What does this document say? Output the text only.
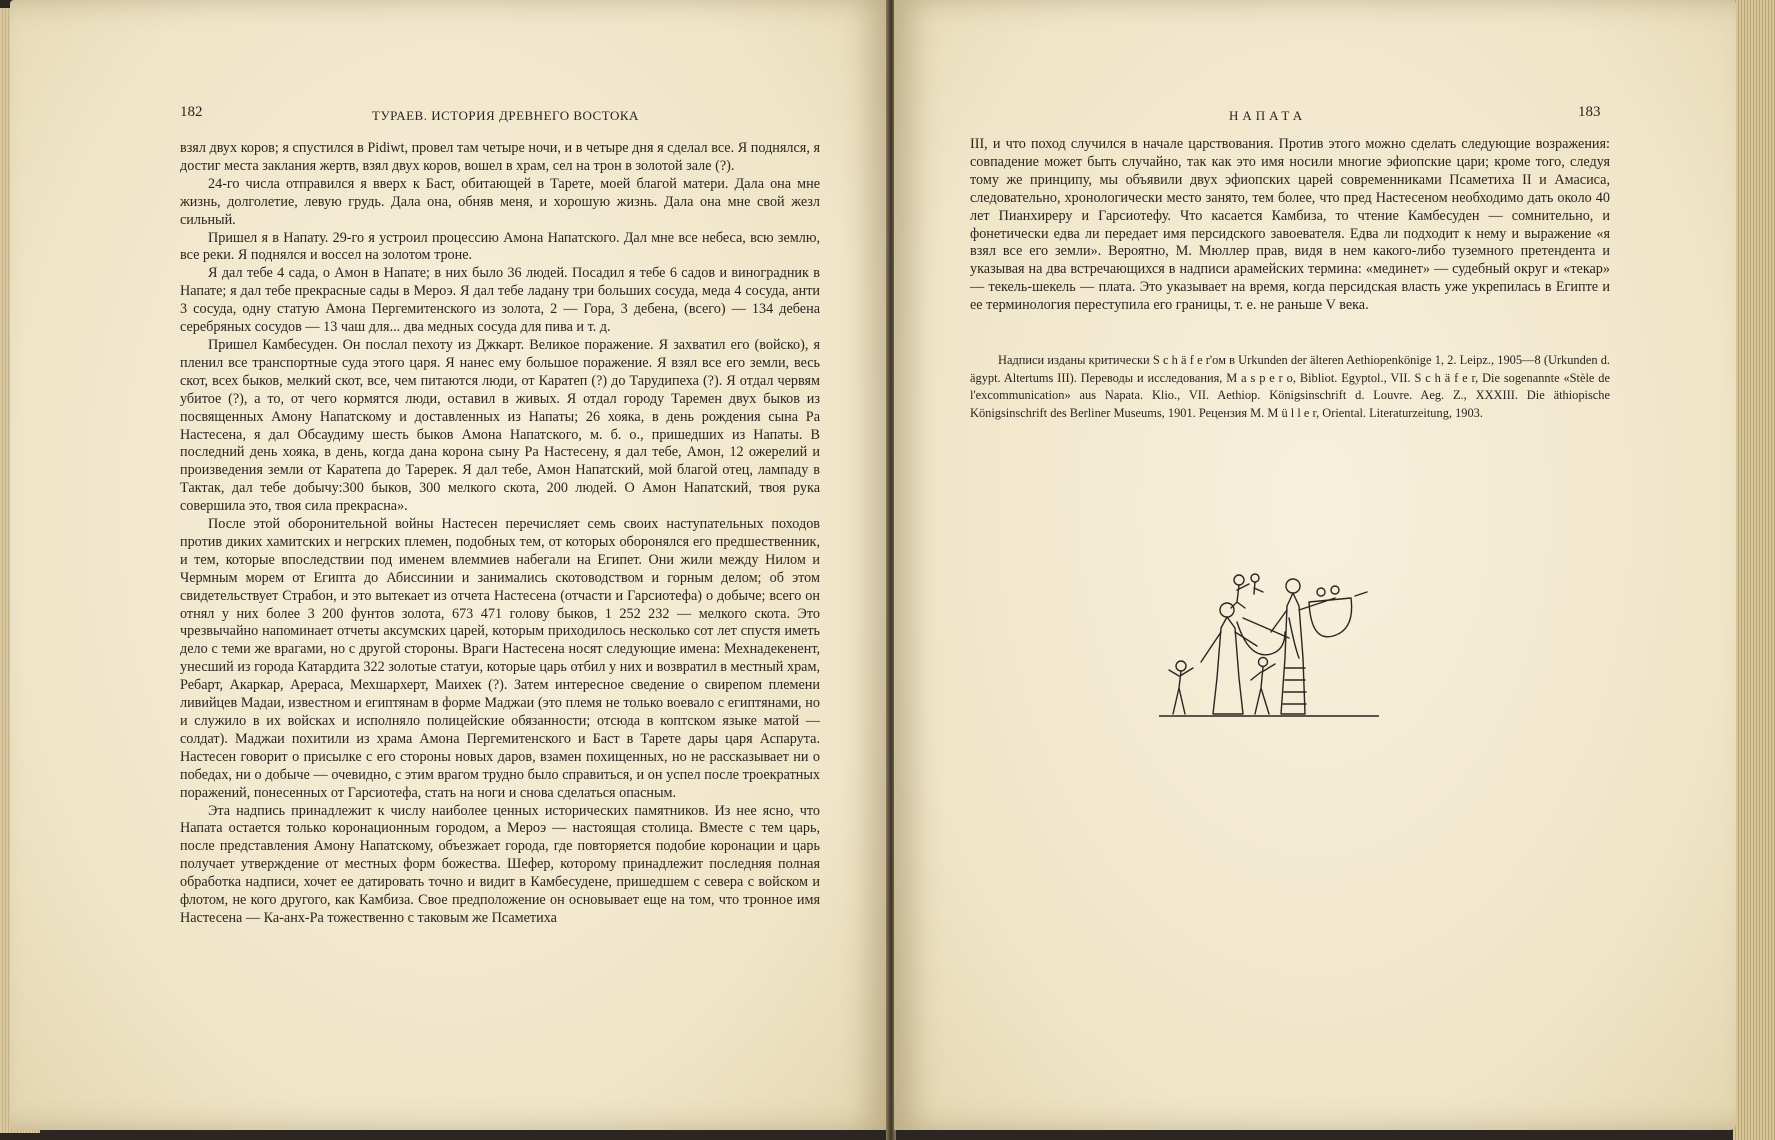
182	ТУРАЕВ. ИСТОРИЯ ДРЕВНЕГО ВОСТОКА

взял двух коров; я спустился в Pidiwt, провел там четыре ночи, и в четыре дня я сделал все. Я поднялся, я достиг места заклания жертв, взял двух коров, вошел в храм, сел на трон в золотой зале (?).

24-го числа отправился я вверх к Баст, обитающей в Тарете, моей благой матери. Дала она мне жизнь, долголетие, левую грудь. Дала она, обняв меня, и хорошую жизнь. Дала она мне свой жезл сильный.

Пришел я в Напату. 29-го я устроил процессию Амона Напатского. Дал мне все небеса, всю землю, все реки. Я поднялся и воссел на золотом троне.

Я дал тебе 4 сада, о Амон в Напате; в них было 36 людей. Посадил я тебе 6 садов и виноградник в Напате; я дал тебе прекрасные сады в Мероэ. Я дал тебе ладану три больших сосуда, меда 4 сосуда, анти 3 сосуда, одну статую Амона Пергемитенского из золота, 2 — Гора, 3 дебена, (всего) — 134 дебена серебряных сосудов — 13 чаш для... два медных сосуда для пива и т. д.

Пришел Камбесуден. Он послал пехоту из Джкарт. Великое поражение. Я захватил его (войско), я пленил все транспортные суда этого царя. Я нанес ему большое поражение. Я взял все его земли, весь скот, всех быков, мелкий скот, все, чем питаются люди, от Каратеп (?) до Тарудипеха (?). Я отдал червям убитое (?), а то, от чего кормятся люди, оставил в живых. Я отдал городу Таремен двух быков из посвященных Амону Напатскому и доставленных из Напаты; 26 хояка, в день рождения сына Ра Настесена, я дал Обсаудиму шесть быков Амона Напатского, м. б. о., пришедших из Напаты. В последний день хояка, в день, когда дана корона сыну Ра Настесену, я дал тебе, Амон, 12 ожерелий и произведения земли от Каратепа до Таререк. Я дал тебе, Амон Напатский, мой благой отец, лампаду в Тактак, дал тебе добычу:300 быков, 300 мелкого скота, 200 людей. О Амон Напатский, твоя рука совершила это, твоя сила прекрасна».

После этой оборонительной войны Настесен перечисляет семь своих наступательных походов против диких хамитских и негрских племен, подобных тем, от которых оборонялся его предшественник, и тем, которые впоследствии под именем влеммиев набегали на Египет. Они жили между Нилом и Чермным морем от Египта до Абиссинии и занимались скотоводством и горным делом; об этом свидетельствует Страбон, и это вытекает из отчета Настесена (отчасти и Гарсиотефа) о добыче; всего он отнял у них более 3 200 фунтов золота, 673 471 голову быков, 1 252 232 — мелкого скота. Это чрезвычайно напоминает отчеты аксумских царей, которым приходилось несколько сот лет спустя иметь дело с теми же врагами, но с другой стороны. Враги Настесена носят следующие имена: Мехнадекенент, унесший из города Катардита 322 золотые статуи, которые царь отбил у них и возвратил в местный храм, Ребарт, Акаркар, Арераса, Мехшархерт, Маихек (?). Затем интересное сведение о свирепом племени ливийцев Мадаи, известном и египтянам в форме Маджаи (это племя не только воевало с египтянами, но и служило в их войсках и исполняло полицейские обязанности; отсюда в коптском языке матой — солдат). Маджаи похитили из храма Амона Пергемитенского и Баст в Тарете дары царя Аспарута. Настесен говорит о присылке с его стороны новых даров, взамен похищенных, но не рассказывает ни о победах, ни о добыче — очевидно, с этим врагом трудно было справиться, и он успел после троекратных поражений, понесенных от Гарсиотефа, стать на ноги и снова сделаться опасным.

Эта надпись принадлежит к числу наиболее ценных исторических памятников. Из нее ясно, что Напата остается только коронационным городом, а Мероэ — настоящая столица. Вместе с тем царь, после представления Амону Напатскому, объезжает города, где повторяется подобие коронации и царь получает утверждение от местных форм божества. Шефер, которому принадлежит последняя полная обработка надписи, хочет ее датировать точно и видит в Камбесудене, пришедшем с севера с войском и флотом, не кого другого, как Камбиза. Свое предположение он основывает еще на том, что тронное имя Настесена — Ка-анх-Ра тожественно с таковым же Псаметиха

НАПАТА	183

III, и что поход случился в начале царствования. Против этого можно сделать следующие возражения: совпадение может быть случайно, так как это имя носили многие эфиопские цари; кроме того, следуя тому же принципу, мы объявили двух эфиопских царей современниками Псаметиха II и Амасиса, следовательно, хронологически место занято, тем более, что пред Настесеном необходимо дать около 40 лет Пианхиреру и Гарсиотефу. Что касается Камбиза, то чтение Камбесуден — сомнительно, и фонетически едва ли передает имя персидского завоевателя. Едва ли подходит к нему и выражение «я взял все его земли». Вероятно, М. Мюллер прав, видя в нем какого-либо туземного претендента и указывая на два встречающихся в надписи арамейских термина: «мединет» — судебный округ и «текар» — текель-шекель — плата. Это указывает на время, когда персидская власть уже укрепилась в Египте и ее терминология переступила его границы, т. е. не раньше V века.

Надписи изданы критически S c h ä f e r'ом в Urkunden der älteren Aethiopenkönige 1, 2. Leipz., 1905—8 (Urkunden d. ägypt. Altertums III). Переводы и исследования, M a s p e r o, Bibliot. Egyptol., VII. S c h ä f e r, Die sogenannte «Stèle de l'excommunication» aus Napata. Klio., VII. Aethiop. Königsinschrift d. Louvre. Aeg. Z., XXXIII. Die äthiopische Königsinschrift des Berliner Museums, 1901. Рецензия M. M ü l l e r, Oriental. Literaturzeitung, 1903.
